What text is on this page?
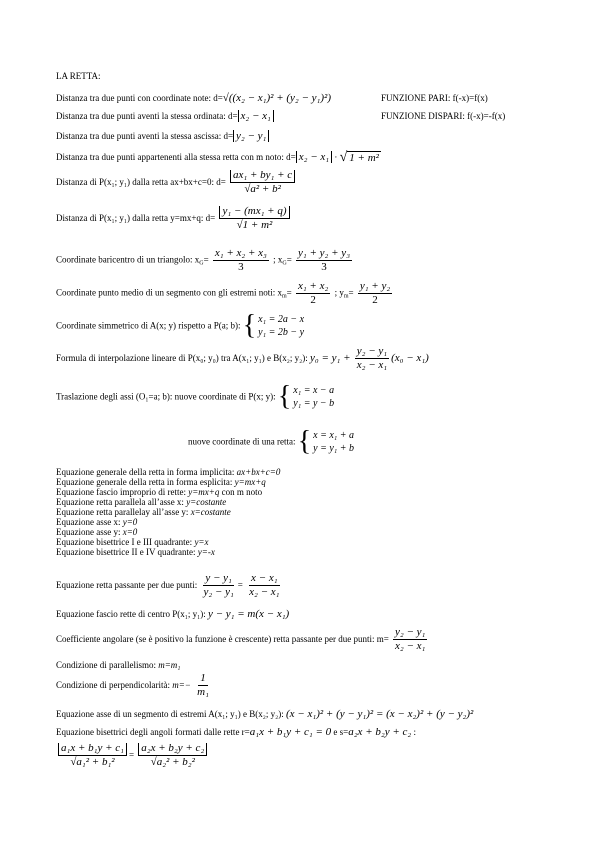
LA RETTA:
Distanza tra due punti con coordinate note: d=√((x₂ − x₁)² + (y₂ − y₁)²)	FUNZIONE PARI: f(-x)=f(x)
Distanza tra due punti aventi la stessa ordinata: d= x₂ − x₁	FUNZIONE DISPARI: f(-x)=-f(x)
Distanza tra due punti aventi la stessa ascissa: d= y₂ − y₁
Distanza tra due punti appartenenti alla stessa retta con m noto: d= x₂ − x₁ · √ 1 + m²
Distanza di P(x₁; y₁) dalla retta ax+bx+c=0: $d= \frac{\text{ax₁ + by₁ + c}}{\text{√a² + b²}}$
Distanza di P(x₁; y₁) dalla retta y=mx+q: $d= \frac{\text{y₁ − (mx₁ + q)}}{\text{√1 + m²}}$
Coordinate baricentro di un triangolo: $x_G= \frac{\text{x₁ + x₂ + x₃}}{3}$ ; $x_G= \frac{\text{y₁ + y₂ + y₃}}{3}$
Coordinate punto medio di un segmento con gli estremi noti: $x_m= \frac{\text{x₁ + x₂}}{2}$ ; $y_m= \frac{\text{y₁ + y₂}}{2}$
Coordinate simmetrico di A(x; y) rispetto a P(a; b): { x₁ = 2a − x
y₁ = 2b − y
Formula di interpolazione lineare di P(x₀; y₀) tra A(x₁; y₁) e B(x₂; y₂): $y_0 = y_1 + \frac{\text{y₂ − y₁}}{\text{x₂ − x₁}} (x_0 - x_1)$
Traslazione degli assi (O₁=a; b): nuove coordinate di P(x; y): { x₁ = x − a
y₁ = y − b
nuove coordinate di una retta: { x = x₁ + a
y = y₁ + b
Equazione generale della retta in forma implicita: ax+bx+c=0
Equazione generale della retta in forma esplicita: y=mx+q
Equazione fascio improprio di rette: y=mx+q con m noto
Equazione retta parallela all’asse x: y=costante
Equazione retta parallelay all’asse y: x=costante
Equazione asse x: y=0
Equazione asse y: x=0
Equazione bisettrice I e III quadrante: y=x
Equazione bisettrice II e IV quadrante: y=-x
Equazione retta passante per due punti: $\frac{\text{y − y₁}}{\text{y₂ − y₁}} = \frac{\text{x − x₁}}{\text{x₂ − x₁}}$
Equazione fascio rette di centro P(x₁; y₁): y − y₁ = m(x − x₁)
Coefficiente angolare (se è positivo la funzione è crescente) retta passante per due punti: $m= \frac{\text{y₂ − y₁}}{\text{x₂ − x₁}}$
Condizione di parallelismo: m=m₁
Condizione di perpendicolarità: $m=- \frac{1}{\text{m₁}}$
Equazione asse di un segmento di estremi A(x₁; y₁) e B(x₂; y₂): (x − x₁)² + (y − y₁)² = (x − x₂)² + (y − y₂)²
Equazione bisettrici degli angoli formati dalle rette r=a₁x + b₁y + c₁ = 0 e s=a₂x + b₂y + c₂ :
$\frac{\text{a₁x + b₁y + c₁}}{\text{√a₁² + b₁²}} = \frac{\text{a₂x + b₂y + c₂}}{\text{√a₂² + b₂²}}$
